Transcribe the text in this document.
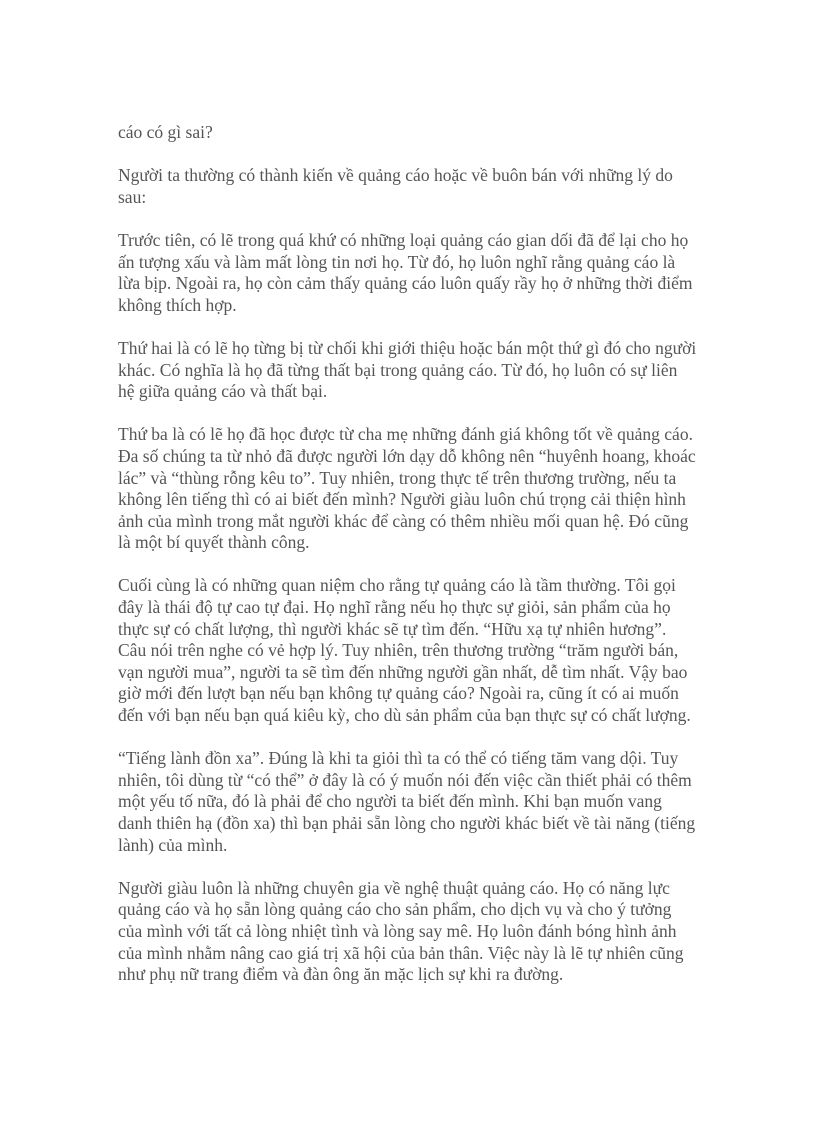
cáo có gì sai?

Người ta thường có thành kiến về quảng cáo hoặc về buôn bán với những lý do sau:

Trước tiên, có lẽ trong quá khứ có những loại quảng cáo gian dối đã để lại cho họ ấn tượng xấu và làm mất lòng tin nơi họ. Từ đó, họ luôn nghĩ rằng quảng cáo là lừa bịp. Ngoài ra, họ còn cảm thấy quảng cáo luôn quấy rầy họ ở những thời điểm không thích hợp.

Thứ hai là có lẽ họ từng bị từ chối khi giới thiệu hoặc bán một thứ gì đó cho người khác. Có nghĩa là họ đã từng thất bại trong quảng cáo. Từ đó, họ luôn có sự liên hệ giữa quảng cáo và thất bại.

Thứ ba là có lẽ họ đã học được từ cha mẹ những đánh giá không tốt về quảng cáo. Đa số chúng ta từ nhỏ đã được người lớn dạy dỗ không nên “huyênh hoang, khoác lác” và “thùng rỗng kêu to”. Tuy nhiên, trong thực tế trên thương trường, nếu ta không lên tiếng thì có ai biết đến mình? Người giàu luôn chú trọng cải thiện hình ảnh của mình trong mắt người khác để càng có thêm nhiều mối quan hệ. Đó cũng là một bí quyết thành công.

Cuối cùng là có những quan niệm cho rằng tự quảng cáo là tầm thường. Tôi gọi đây là thái độ tự cao tự đại. Họ nghĩ rằng nếu họ thực sự giỏi, sản phẩm của họ thực sự có chất lượng, thì người khác sẽ tự tìm đến. “Hữu xạ tự nhiên hương”. Câu nói trên nghe có vẻ hợp lý. Tuy nhiên, trên thương trường “trăm người bán, vạn người mua”, người ta sẽ tìm đến những người gần nhất, dễ tìm nhất. Vậy bao giờ mới đến lượt bạn nếu bạn không tự quảng cáo? Ngoài ra, cũng ít có ai muốn đến với bạn nếu bạn quá kiêu kỳ, cho dù sản phẩm của bạn thực sự có chất lượng.

“Tiếng lành đồn xa”. Đúng là khi ta giỏi thì ta có thể có tiếng tăm vang dội. Tuy nhiên, tôi dùng từ “có thể” ở đây là có ý muốn nói đến việc cần thiết phải có thêm một yếu tố nữa, đó là phải để cho người ta biết đến mình. Khi bạn muốn vang danh thiên hạ (đồn xa) thì bạn phải sẵn lòng cho người khác biết về tài năng (tiếng lành) của mình.

Người giàu luôn là những chuyên gia về nghệ thuật quảng cáo. Họ có năng lực quảng cáo và họ sẵn lòng quảng cáo cho sản phẩm, cho dịch vụ và cho ý tưởng của mình với tất cả lòng nhiệt tình và lòng say mê. Họ luôn đánh bóng hình ảnh của mình nhằm nâng cao giá trị xã hội của bản thân. Việc này là lẽ tự nhiên cũng như phụ nữ trang điểm và đàn ông ăn mặc lịch sự khi ra đường.
